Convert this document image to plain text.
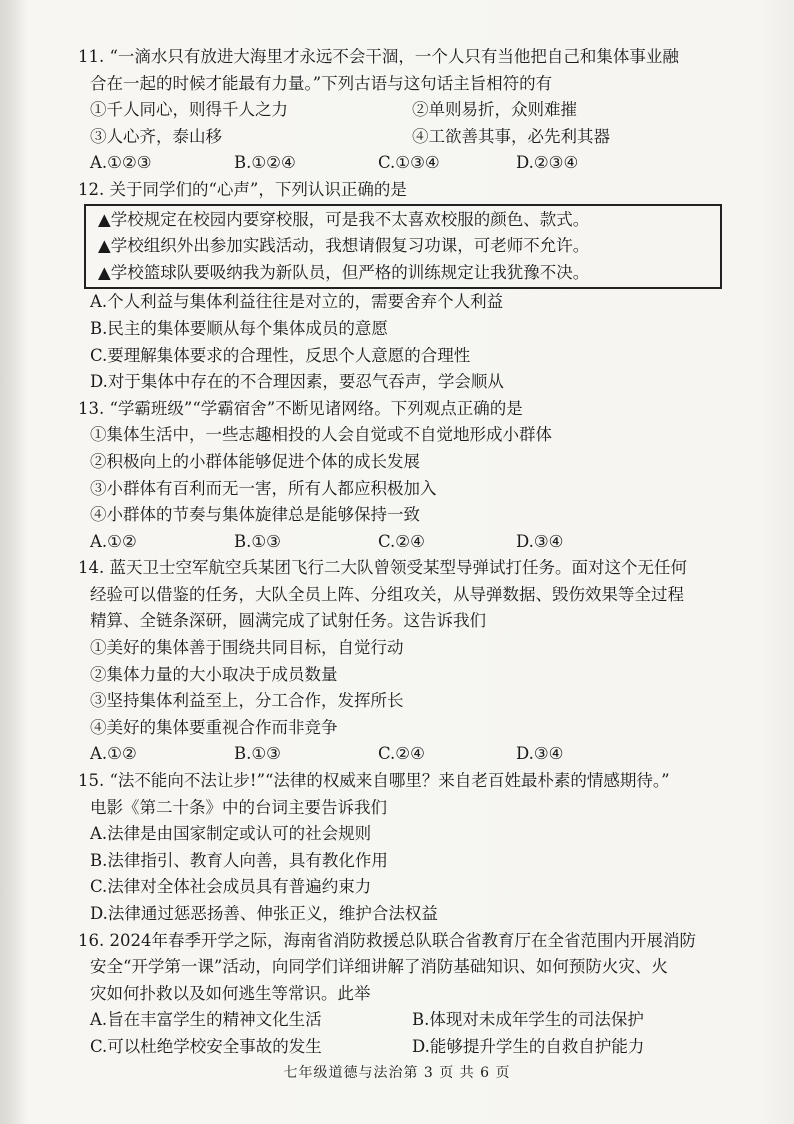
11. “一滴水只有放进大海里才永远不会干涸，一个人只有当他把自己和集体事业融
合在一起的时候才能最有力量。”下列古语与这句话主旨相符的有
①千人同心，则得千人之力	②单则易折，众则难摧
③人心齐，泰山移	④工欲善其事，必先利其器
A.①②③	B.①②④	C.①③④	D.②③④
12. 关于同学们的“心声”，下列认识正确的是
▲学校规定在校园内要穿校服，可是我不太喜欢校服的颜色、款式。
▲学校组织外出参加实践活动，我想请假复习功课，可老师不允许。
▲学校篮球队要吸纳我为新队员，但严格的训练规定让我犹豫不决。
A.个人利益与集体利益往往是对立的，需要舍弃个人利益
B.民主的集体要顺从每个集体成员的意愿
C.要理解集体要求的合理性，反思个人意愿的合理性
D.对于集体中存在的不合理因素，要忍气吞声，学会顺从
13. “学霸班级”“学霸宿舍”不断见诸网络。下列观点正确的是
①集体生活中，一些志趣相投的人会自觉或不自觉地形成小群体
②积极向上的小群体能够促进个体的成长发展
③小群体有百利而无一害，所有人都应积极加入
④小群体的节奏与集体旋律总是能够保持一致
A.①②	B.①③	C.②④	D.③④
14. 蓝天卫士空军航空兵某团飞行二大队曾领受某型导弹试打任务。面对这个无任何
经验可以借鉴的任务，大队全员上阵、分组攻关，从导弹数据、毁伤效果等全过程
精算、全链条深研，圆满完成了试射任务。这告诉我们
①美好的集体善于围绕共同目标，自觉行动
②集体力量的大小取决于成员数量
③坚持集体利益至上，分工合作，发挥所长
④美好的集体要重视合作而非竞争
A.①②	B.①③	C.②④	D.③④
15. “法不能向不法让步!”“法律的权威来自哪里？来自老百姓最朴素的情感期待。”
电影《第二十条》中的台词主要告诉我们
A.法律是由国家制定或认可的社会规则
B.法律指引、教育人向善，具有教化作用
C.法律对全体社会成员具有普遍约束力
D.法律通过惩恶扬善、伸张正义，维护合法权益
16. 2024年春季开学之际，海南省消防救援总队联合省教育厅在全省范围内开展消防
安全“开学第一课”活动，向同学们详细讲解了消防基础知识、如何预防火灾、火
灾如何扑救以及如何逃生等常识。此举
A.旨在丰富学生的精神文化生活	B.体现对未成年学生的司法保护
C.可以杜绝学校安全事故的发生	D.能够提升学生的自救自护能力
七年级道德与法治第 3 页 共 6 页
